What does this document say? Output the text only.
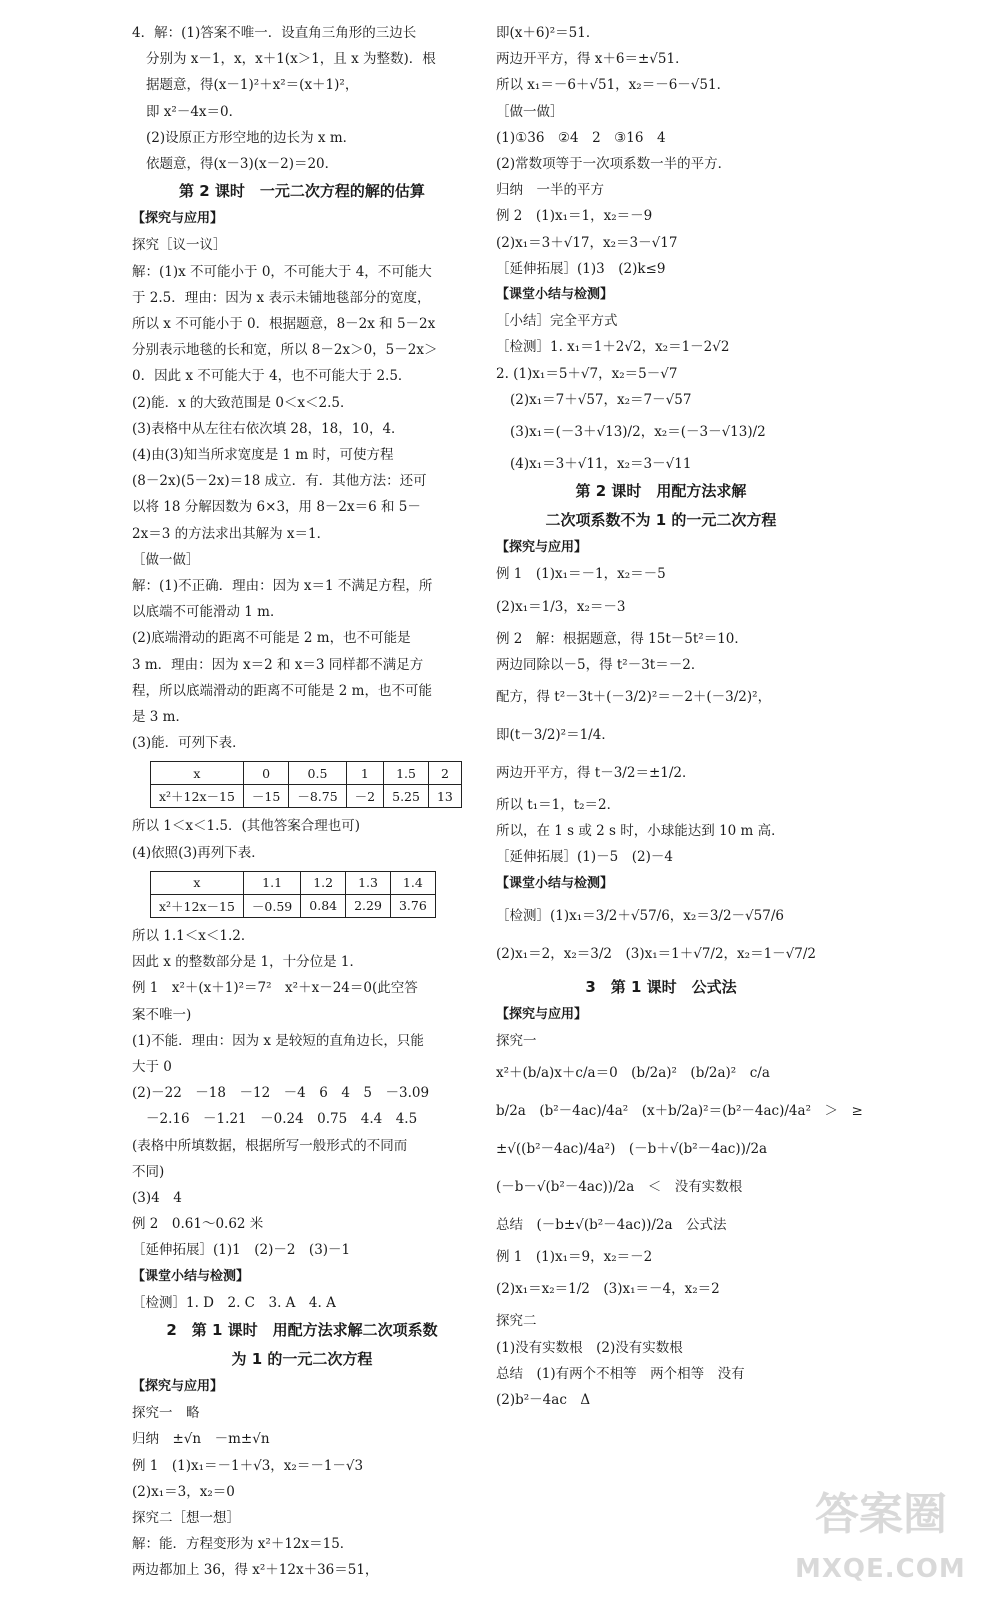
4．解：(1)答案不唯一．设直角三角形的三边长
分别为 x－1，x，x＋1(x＞1，且 x 为整数)．根
据题意，得(x－1)²＋x²＝(x＋1)²，
即 x²－4x＝0．
(2)设原正方形空地的边长为 x m．
依题意，得(x－3)(x－2)＝20．
第 2 课时　一元二次方程的解的估算
【探究与应用】
探究［议一议］
解：(1)x 不可能小于 0，不可能大于 4，不可能大
于 2.5．理由：因为 x 表示未铺地毯部分的宽度，
所以 x 不可能小于 0．根据题意，8－2x 和 5－2x
分别表示地毯的长和宽，所以 8－2x＞0，5－2x＞
0．因此 x 不可能大于 4，也不可能大于 2.5．
(2)能．x 的大致范围是 0＜x＜2.5．
(3)表格中从左往右依次填 28，18，10，4．
(4)由(3)知当所求宽度是 1 m 时，可使方程
(8－2x)(5－2x)＝18 成立．有．其他方法：还可
以将 18 分解因数为 6×3，用 8－2x＝6 和 5－
2x＝3 的方法求出其解为 x＝1．
［做一做］
解：(1)不正确．理由：因为 x＝1 不满足方程，所
以底端不可能滑动 1 m．
(2)底端滑动的距离不可能是 2 m，也不可能是
3 m．理由：因为 x＝2 和 x＝3 同样都不满足方
程，所以底端滑动的距离不可能是 2 m，也不可能
是 3 m．
(3)能．可列下表．
x	0	0.5	1	1.5	2
x²＋12x－15	－15	－8.75	－2	5.25	13
所以 1＜x＜1.5．(其他答案合理也可)
(4)依照(3)再列下表．
x	1.1	1.2	1.3	1.4
x²＋12x－15	－0.59	0.84	2.29	3.76
所以 1.1＜x＜1.2．
因此 x 的整数部分是 1，十分位是 1．
例 1　x²＋(x＋1)²＝7²　x²＋x－24＝0(此空答
案不唯一)
(1)不能．理由：因为 x 是较短的直角边长，只能
大于 0
(2)－22　－18　－12　－4　6　4　5　－3.09
－2.16　－1.21　－0.24　0.75　4.4　4.5
(表格中所填数据，根据所写一般形式的不同而
不同)
(3)4　4
例 2　0.61～0.62 米
［延伸拓展］(1)1　(2)－2　(3)－1
【课堂小结与检测】
［检测］1. D　2. C　3. A　4. A
2　第 1 课时　用配方法求解二次项系数
为 1 的一元二次方程
【探究与应用】
探究一　略
归纳　±√n　－m±√n
例 1　(1)x₁＝－1＋√3，x₂＝－1－√3
(2)x₁＝3，x₂＝0
探究二［想一想］
解：能．方程变形为 x²＋12x＝15．
两边都加上 36，得 x²＋12x＋36＝51，
即(x＋6)²＝51．
两边开平方，得 x＋6＝±√51．
所以 x₁＝－6＋√51，x₂＝－6－√51．
［做一做］
(1)①36　②4　2　③16　4
(2)常数项等于一次项系数一半的平方．
归纳　一半的平方
例 2　(1)x₁＝1，x₂＝－9
(2)x₁＝3＋√17，x₂＝3－√17
［延伸拓展］(1)3　(2)k≤9
【课堂小结与检测】
［小结］完全平方式
［检测］1. x₁＝1＋2√2，x₂＝1－2√2
2. (1)x₁＝5＋√7，x₂＝5－√7
(2)x₁＝7＋√57，x₂＝7－√57
(3)x₁＝(－3＋√13)/2，x₂＝(－3－√13)/2
(4)x₁＝3＋√11，x₂＝3－√11
第 2 课时　用配方法求解
二次项系数不为 1 的一元二次方程
【探究与应用】
例 1　(1)x₁＝－1，x₂＝－5
(2)x₁＝1/3，x₂＝－3
例 2　解：根据题意，得 15t－5t²＝10．
两边同除以－5，得 t²－3t＝－2．
配方，得 t²－3t＋(－3/2)²＝－2＋(－3/2)²，
即(t－3/2)²＝1/4．
两边开平方，得 t－3/2＝±1/2．
所以 t₁＝1，t₂＝2．
所以，在 1 s 或 2 s 时，小球能达到 10 m 高．
［延伸拓展］(1)－5　(2)－4
【课堂小结与检测】
［检测］(1)x₁＝3/2＋√57/6，x₂＝3/2－√57/6
(2)x₁＝2，x₂＝3/2　(3)x₁＝1＋√7/2，x₂＝1－√7/2
3　第 1 课时　公式法
【探究与应用】
探究一
x²＋(b/a)x＋c/a＝0　(b/2a)²　(b/2a)²　c/a
b/2a　(b²－4ac)/4a²　(x＋b/2a)²＝(b²－4ac)/4a²　＞　≥
±√((b²－4ac)/4a²)　(－b＋√(b²－4ac))/2a
(－b－√(b²－4ac))/2a　＜　没有实数根
总结　(－b±√(b²－4ac))/2a　公式法
例 1　(1)x₁＝9，x₂＝－2
(2)x₁＝x₂＝1/2　(3)x₁＝－4，x₂＝2
探究二
(1)没有实数根　(2)没有实数根
总结　(1)有两个不相等　两个相等　没有
(2)b²－4ac　Δ
答案圈
MXQE.COM
